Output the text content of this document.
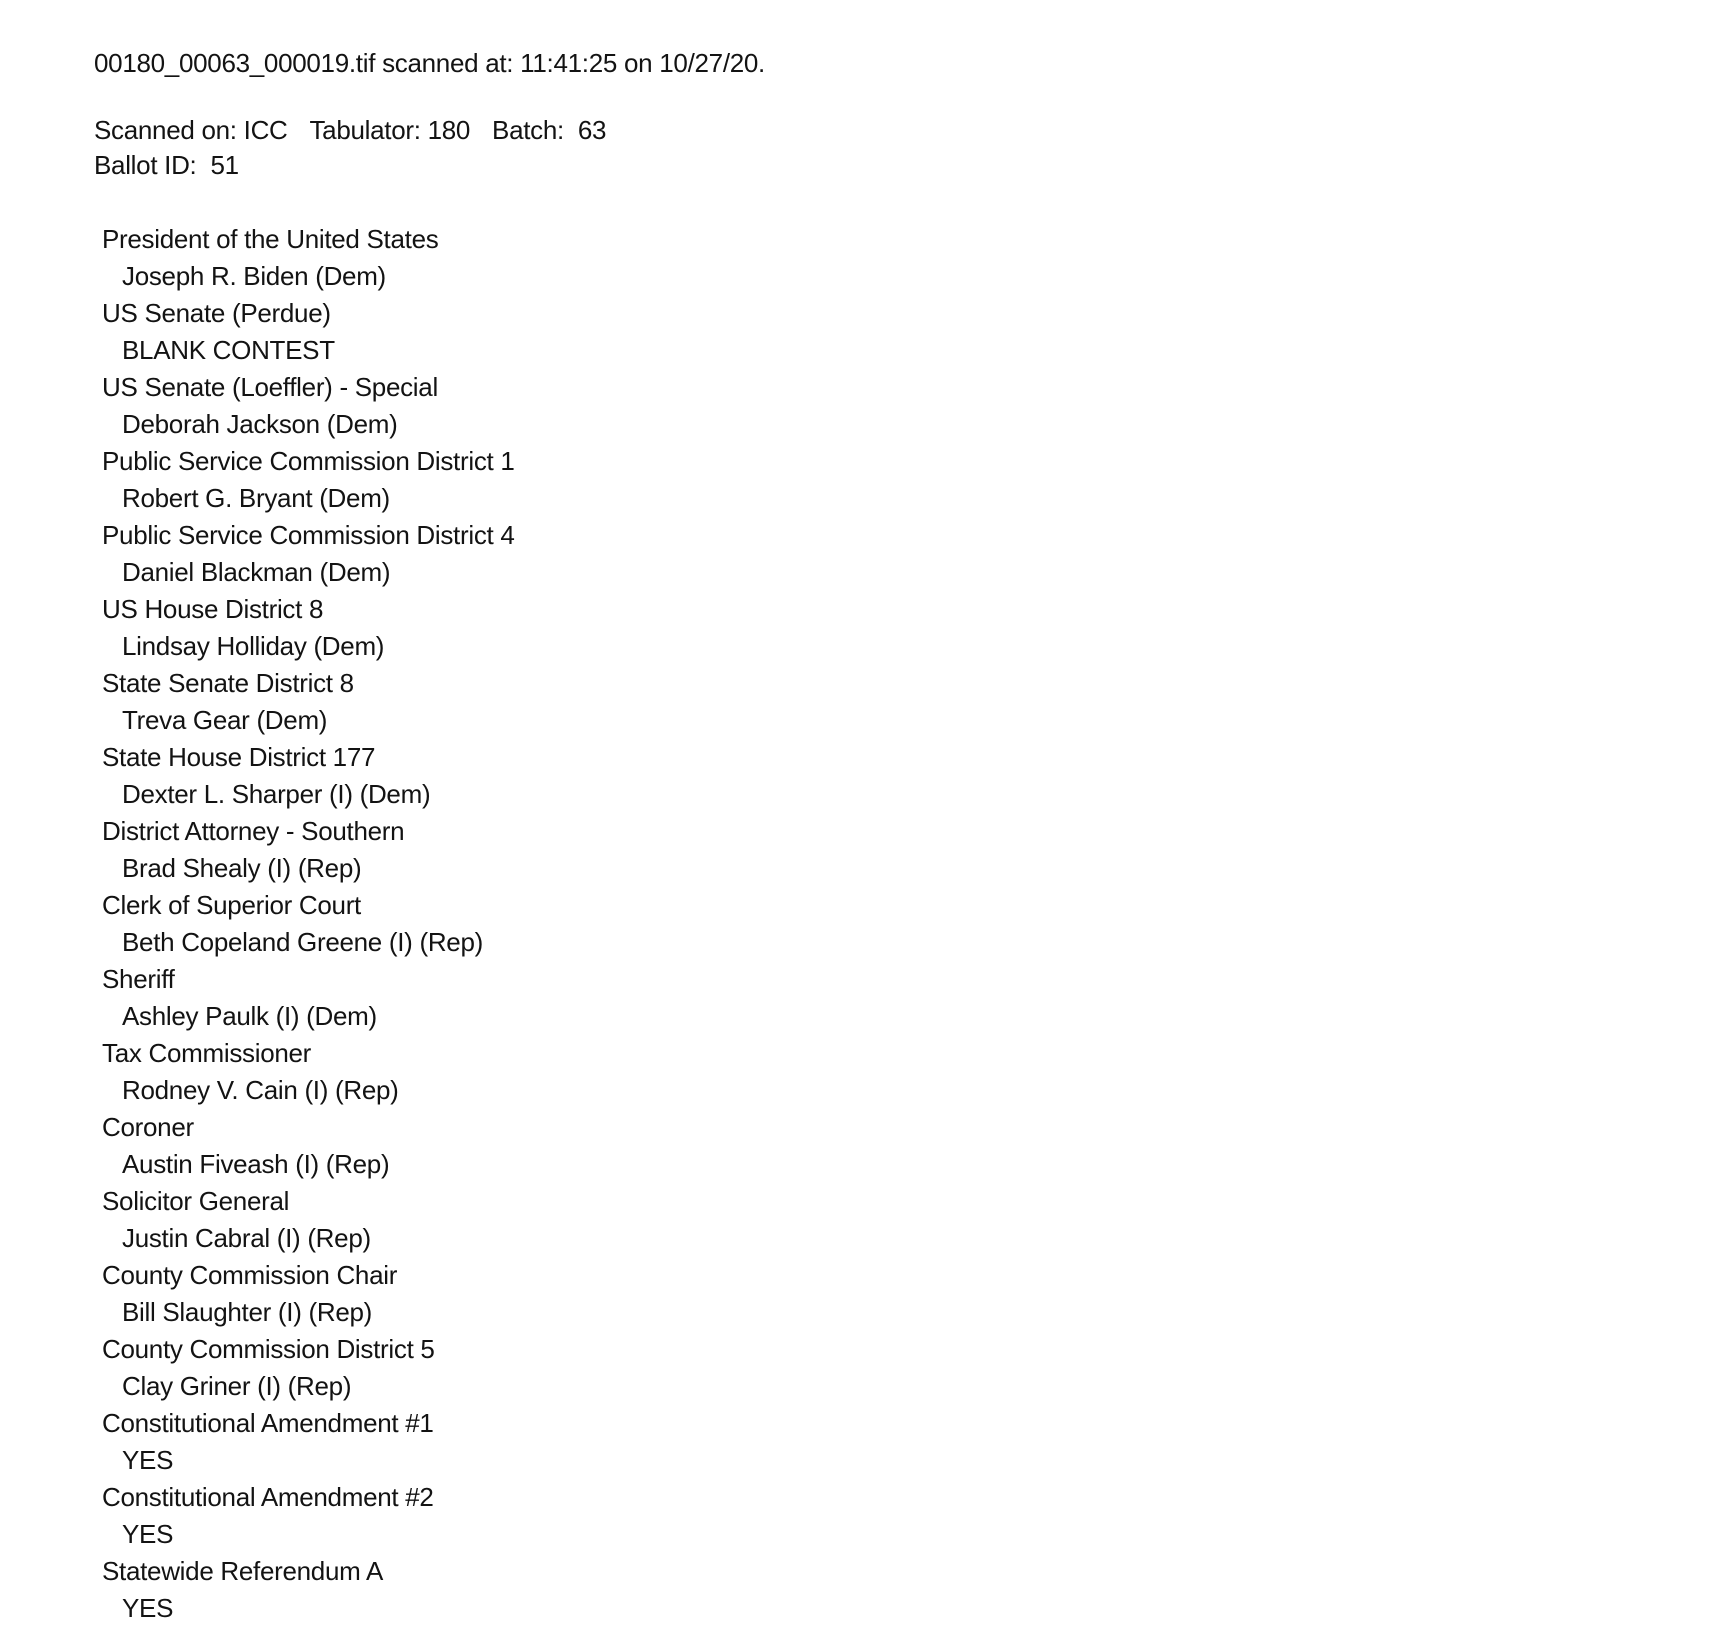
00180_00063_000019.tif scanned at: 11:41:25 on 10/27/20.
Scanned on: ICC Tabulator: 180 Batch: 63
Ballot ID: 51
President of the United States
Joseph R. Biden (Dem)
US Senate (Perdue)
BLANK CONTEST
US Senate (Loeffler) - Special
Deborah Jackson (Dem)
Public Service Commission District 1
Robert G. Bryant (Dem)
Public Service Commission District 4
Daniel Blackman (Dem)
US House District 8
Lindsay Holliday (Dem)
State Senate District 8
Treva Gear (Dem)
State House District 177
Dexter L. Sharper (I) (Dem)
District Attorney - Southern
Brad Shealy (I) (Rep)
Clerk of Superior Court
Beth Copeland Greene (I) (Rep)
Sheriff
Ashley Paulk (I) (Dem)
Tax Commissioner
Rodney V. Cain (I) (Rep)
Coroner
Austin Fiveash (I) (Rep)
Solicitor General
Justin Cabral (I) (Rep)
County Commission Chair
Bill Slaughter (I) (Rep)
County Commission District 5
Clay Griner (I) (Rep)
Constitutional Amendment #1
YES
Constitutional Amendment #2
YES
Statewide Referendum A
YES
